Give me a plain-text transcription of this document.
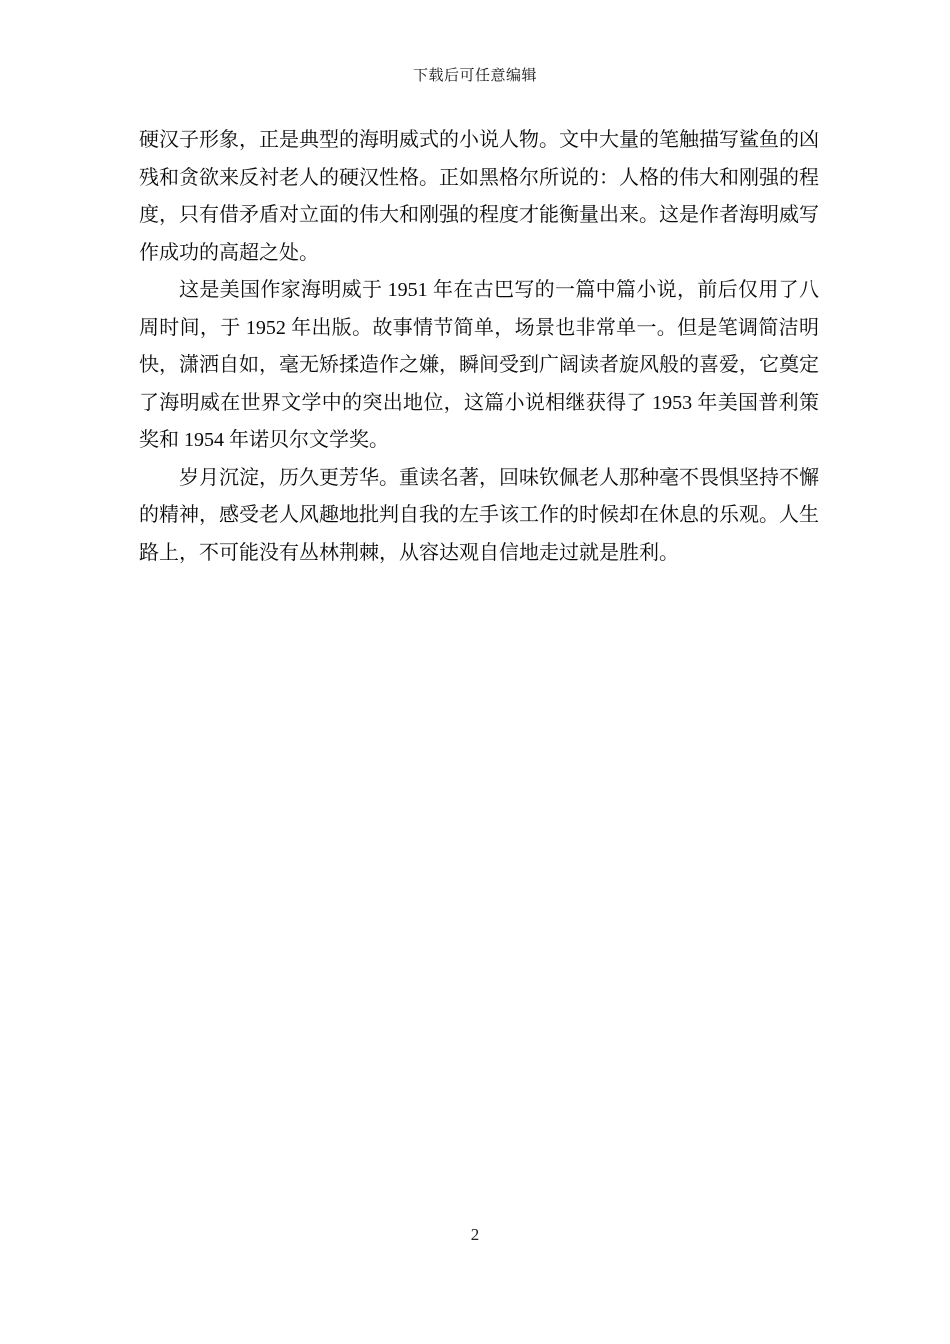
下载后可任意编辑

硬汉子形象，正是典型的海明威式的小说人物。文中大量的笔触描写鲨鱼的凶残和贪欲来反衬老人的硬汉性格。正如黑格尔所说的：人格的伟大和刚强的程度，只有借矛盾对立面的伟大和刚强的程度才能衡量出来。这是作者海明威写作成功的高超之处。

这是美国作家海明威于 1951 年在古巴写的一篇中篇小说，前后仅用了八周时间，于 1952 年出版。故事情节简单，场景也非常单一。但是笔调简洁明快，潇洒自如，毫无矫揉造作之嫌，瞬间受到广阔读者旋风般的喜爱，它奠定了海明威在世界文学中的突出地位，这篇小说相继获得了 1953 年美国普利策奖和 1954 年诺贝尔文学奖。

岁月沉淀，历久更芳华。重读名著，回味钦佩老人那种毫不畏惧坚持不懈的精神，感受老人风趣地批判自我的左手该工作的时候却在休息的乐观。人生路上，不可能没有丛林荆棘，从容达观自信地走过就是胜利。

2
